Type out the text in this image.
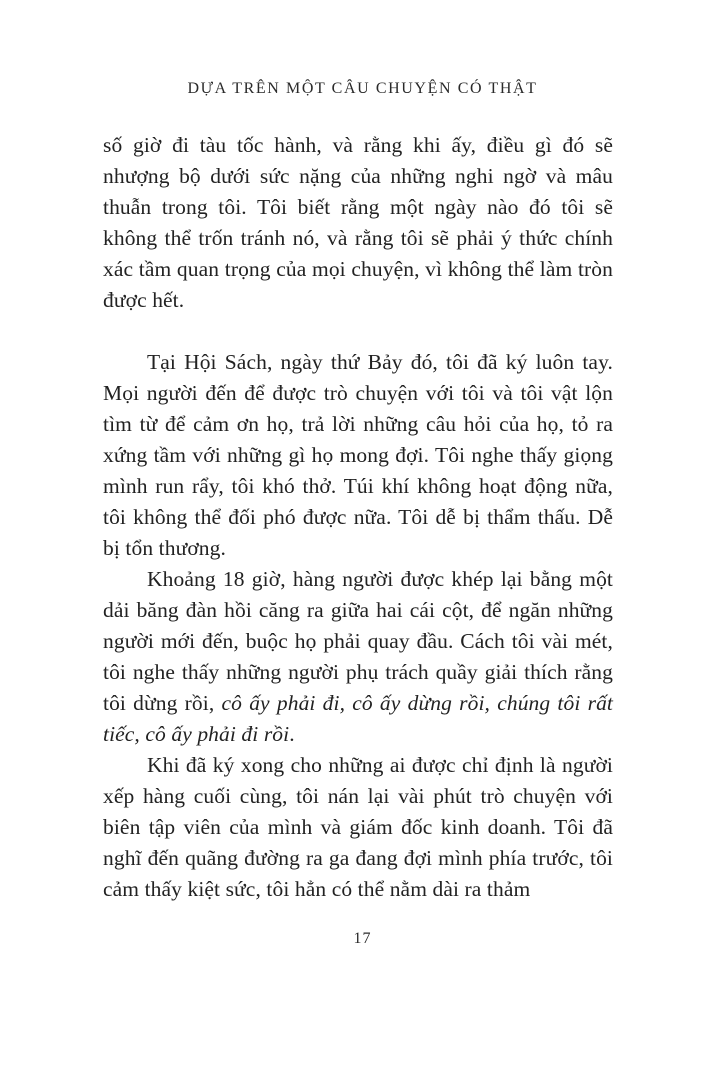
DỰA TRÊN MỘT CÂU CHUYỆN CÓ THẬT

số giờ đi tàu tốc hành, và rằng khi ấy, điều gì đó sẽ nhượng bộ dưới sức nặng của những nghi ngờ và mâu thuẫn trong tôi. Tôi biết rằng một ngày nào đó tôi sẽ không thể trốn tránh nó, và rằng tôi sẽ phải ý thức chính xác tầm quan trọng của mọi chuyện, vì không thể làm tròn được hết.

Tại Hội Sách, ngày thứ Bảy đó, tôi đã ký luôn tay. Mọi người đến để được trò chuyện với tôi và tôi vật lộn tìm từ để cảm ơn họ, trả lời những câu hỏi của họ, tỏ ra xứng tầm với những gì họ mong đợi. Tôi nghe thấy giọng mình run rẩy, tôi khó thở. Túi khí không hoạt động nữa, tôi không thể đối phó được nữa. Tôi dễ bị thẩm thấu. Dễ bị tổn thương.

Khoảng 18 giờ, hàng người được khép lại bằng một dải băng đàn hồi căng ra giữa hai cái cột, để ngăn những người mới đến, buộc họ phải quay đầu. Cách tôi vài mét, tôi nghe thấy những người phụ trách quầy giải thích rằng tôi dừng rồi, cô ấy phải đi, cô ấy dừng rồi, chúng tôi rất tiếc, cô ấy phải đi rồi.

Khi đã ký xong cho những ai được chỉ định là người xếp hàng cuối cùng, tôi nán lại vài phút trò chuyện với biên tập viên của mình và giám đốc kinh doanh. Tôi đã nghĩ đến quãng đường ra ga đang đợi mình phía trước, tôi cảm thấy kiệt sức, tôi hẳn có thể nằm dài ra thảm

17
